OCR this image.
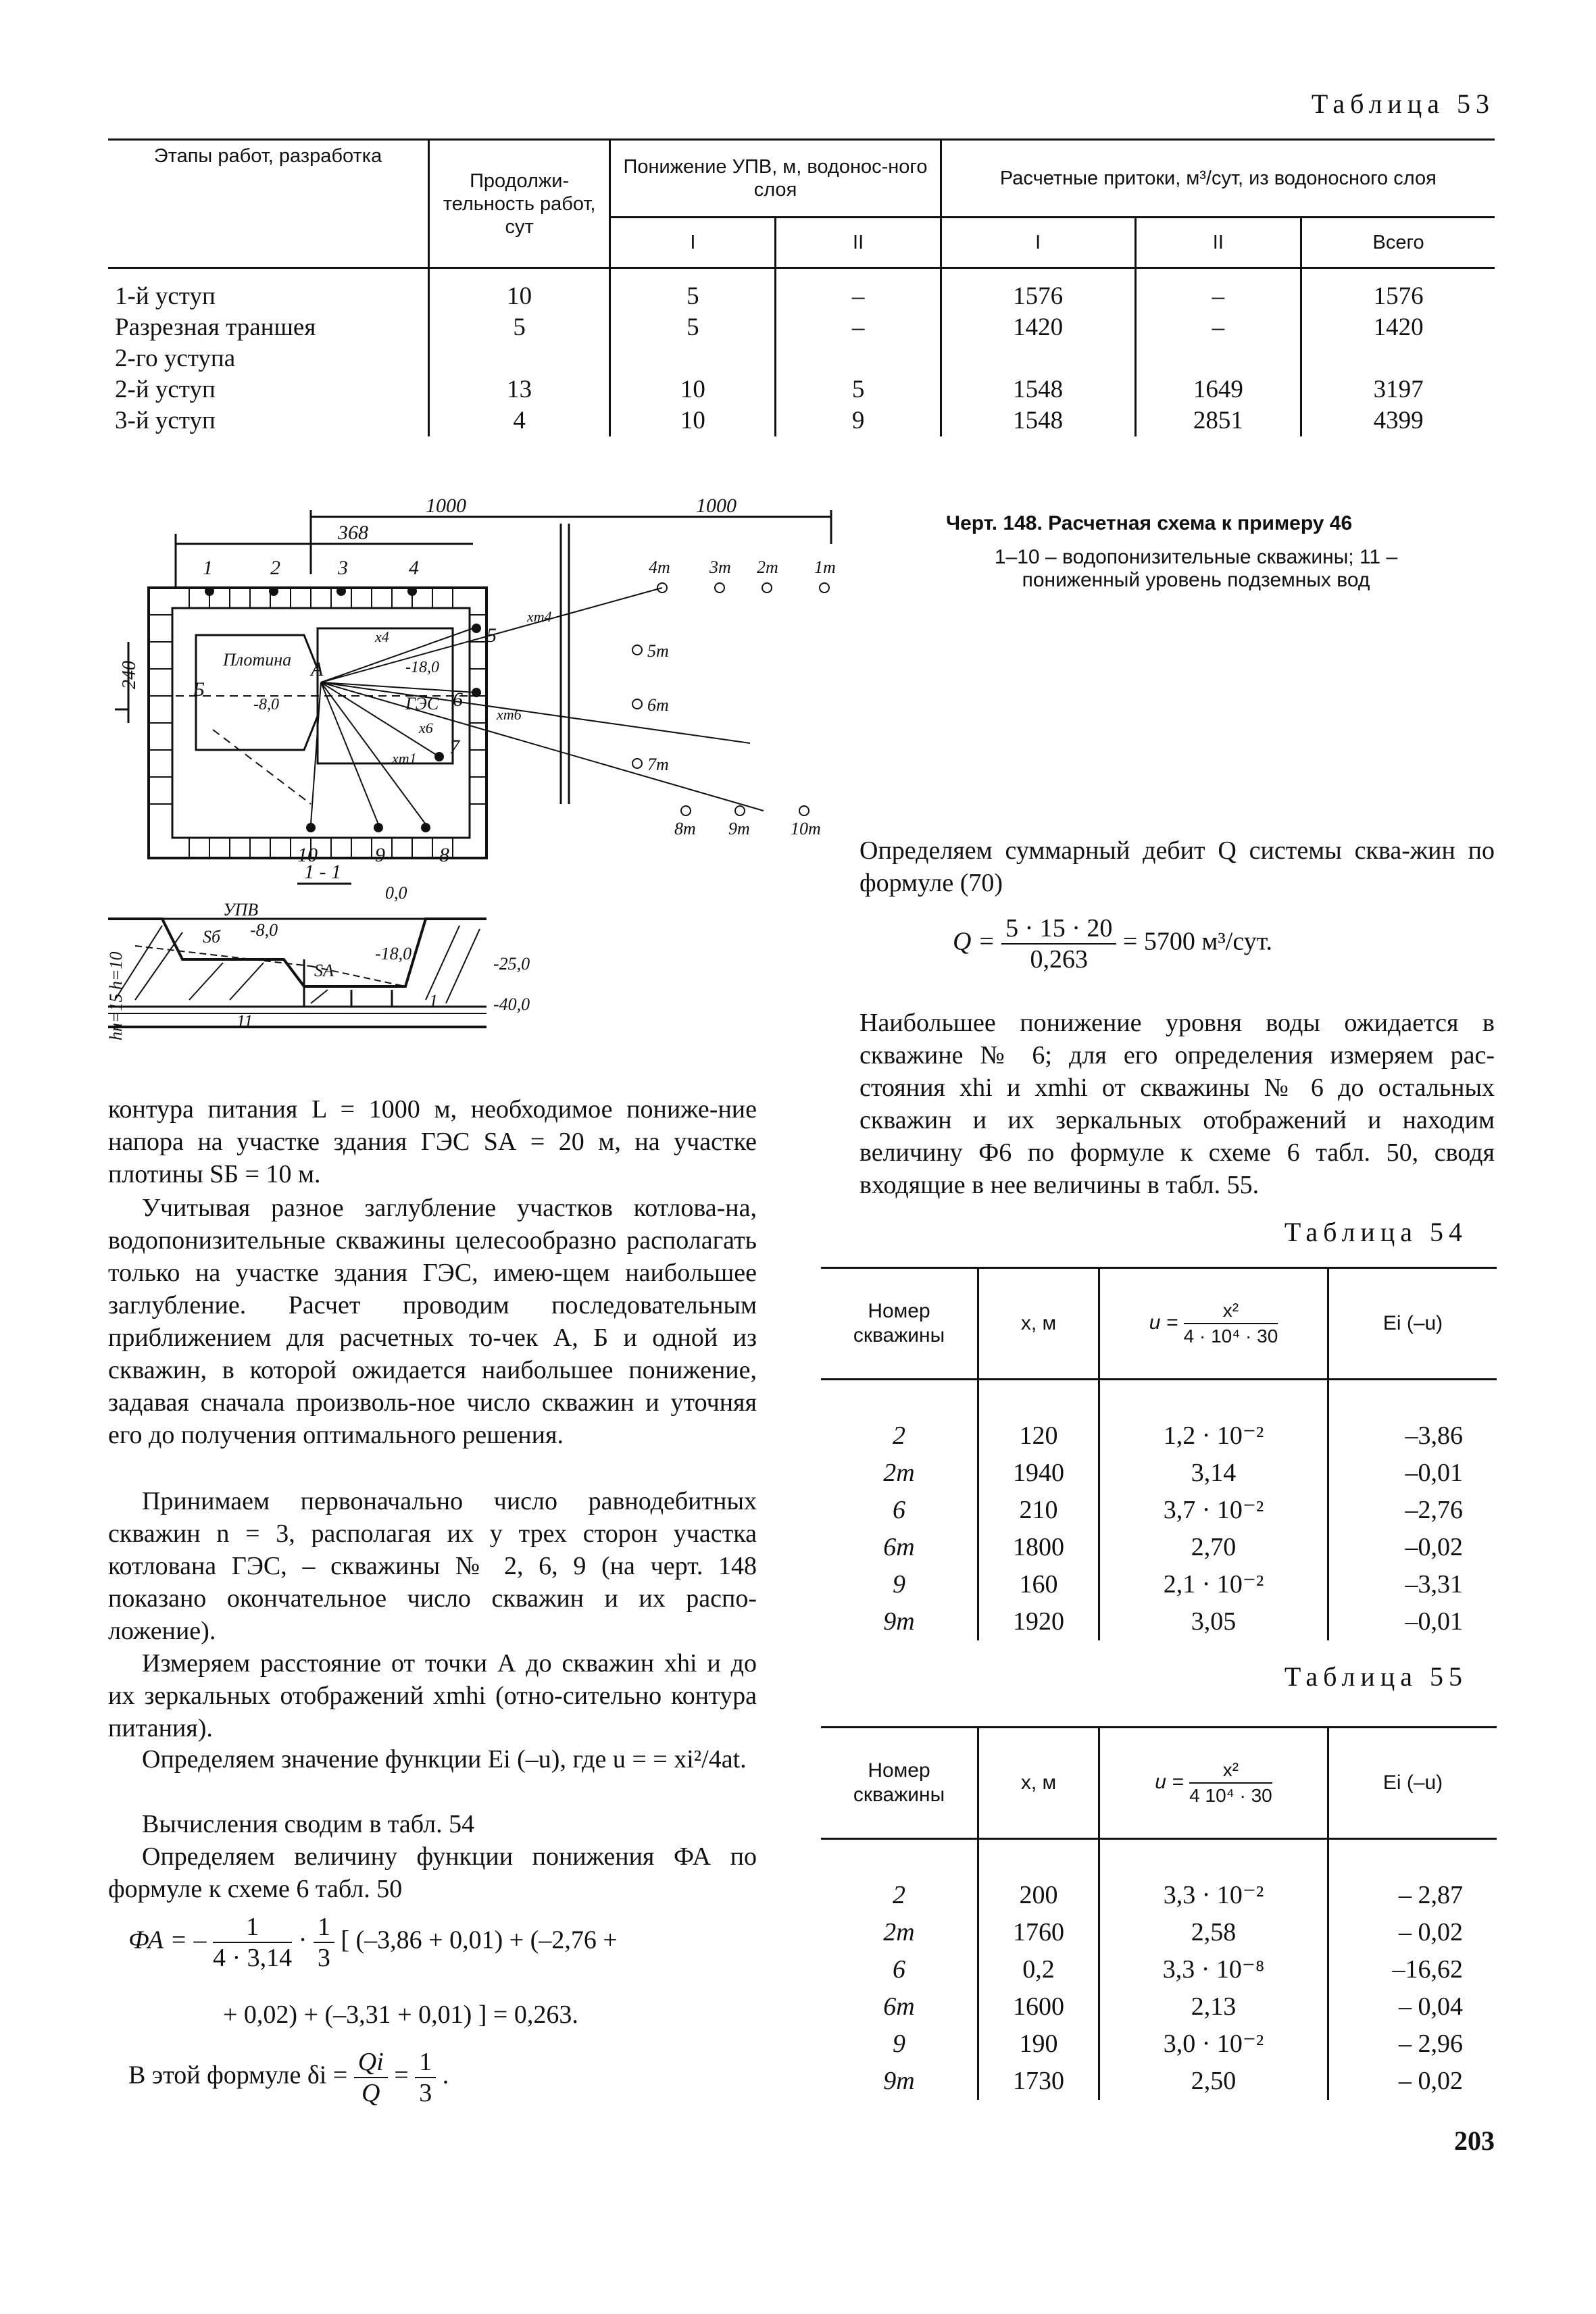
Таблица 53
Этапы работ, разработка	Продолжи-тельность работ, сут	Понижение УПВ, м, водонос-ного слоя		Расчетные притоки, м³/сут, из водоносного слоя		
		I	II	I	II	Всего
1-й уступ	10	5	–	1576	–	1576
Разрезная траншея	5	5	–	1420	–	1420
2-го уступа						
2-й уступ	13	10	5	1548	1649	3197
3-й уступ	4	10	9	1548	2851	4399
1000	1000
368
240
Плотина
ГЭС
А
Б
-8,0
-18,0
xm4
x4
xm6
x6
xm1
1	2	3	4
5
6
7
8
9
10
4m 3m 2m 1m
5m
6m
7m
8m 9m 10m
1 - 1
УПВ
-8,0
0,0
-18,0
-25,0
-40,0
11
1
Sб
SА
h=10
hн=15
Черт. 148. Расчетная схема к примеру 46
1–10 – водопонизительные скважины; 11 –
пониженный уровень подземных вод
Определяем суммарный дебит Q системы сква-жин по формуле (70)
$Q = \frac{5 \cdot 15 \cdot 20}{0,263} = 5700$ м³/сут.
Наибольшее понижение уровня воды ожидается в скважине № 6; для его определения измеряем рас-стояния xhi и xmhi от скважины № 6 до остальных скважин и их зеркальных отображений и находим величину Ф6 по формуле к схеме 6 табл. 50, сводя входящие в нее величины в табл. 55.
Таблица 54
Номер скважины	x, м	$u = \frac{\text{x²}}{\text{4 · 10⁴ · 30}}$	Ei (–u)

2	120	1,2 · 10⁻²	–3,86
2m	1940	3,14	–0,01
6	210	3,7 · 10⁻²	–2,76
6m	1800	2,70	–0,02
9	160	2,1 · 10⁻²	–3,31
9m	1920	3,05	–0,01
Таблица 55
Номер скважины	x, м	$u = \frac{\text{x²}}{\text{4 10⁴ · 30}}$	Ei (–u)

2	200	3,3 · 10⁻²	– 2,87
2m	1760	2,58	– 0,02
6	0,2	3,3 · 10⁻⁸	–16,62
6m	1600	2,13	– 0,04
9	190	3,0 · 10⁻²	– 2,96
9m	1730	2,50	– 0,02
контура питания L = 1000 м, необходимое пониже-ние напора на участке здания ГЭС SА = 20 м, на участке плотины SБ = 10 м.
Учитывая разное заглубление участков котлова-на, водопонизительные скважины целесообразно располагать только на участке здания ГЭС, имею-щем наибольшее заглубление. Расчет проводим последовательным приближением для расчетных то-чек А, Б и одной из скважин, в которой ожидается наибольшее понижение, задавая сначала произволь-ное число скважин и уточняя его до получения оптимального решения.
Принимаем первоначально число равнодебитных скважин n = 3, располагая их у трех сторон участка котлована ГЭС, – скважины № 2, 6, 9 (на черт. 148 показано окончательное число скважин и их распо-ложение).
Измеряем расстояние от точки А до скважин xhi и до их зеркальных отображений xmhi (отно-сительно контура питания).
Определяем значение функции Ei (–u), где u = = xi²/4at.
Вычисления сводим в табл. 54
Определяем величину функции понижения ФА по формуле к схеме 6 табл. 50
ФА = – $\frac{1}{4 \cdot 3,14} \cdot \frac{1}{3}$ [ (–3,86 + 0,01) + (–2,76 +
+ 0,02) + (–3,31 + 0,01) ] = 0,263.
В этой формуле $\delta i = \frac{Qi}{Q} = \frac{1}{3}$ .
203
